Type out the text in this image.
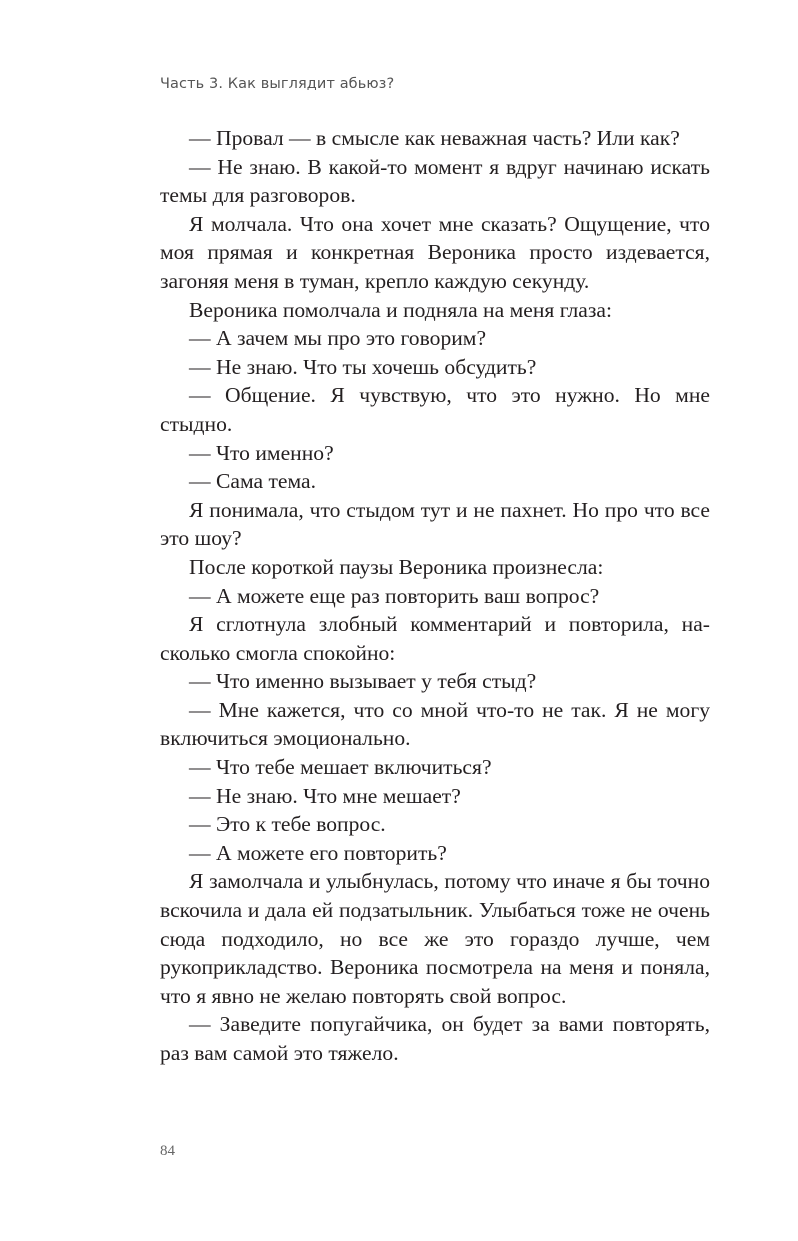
Часть 3. Как выглядит абьюз?

— Провал — в смысле как неважная часть? Или как?

— Не знаю. В какой-то момент я вдруг начинаю искать темы для разговоров.

Я молчала. Что она хочет мне сказать? Ощущение, что моя прямая и конкретная Вероника просто издевается, загоняя меня в туман, крепло каждую секунду.

Вероника помолчала и подняла на меня глаза:

— А зачем мы про это говорим?

— Не знаю. Что ты хочешь обсудить?

— Общение. Я чувствую, что это нужно. Но мне стыдно.

— Что именно?

— Сама тема.

Я понимала, что стыдом тут и не пахнет. Но про что все это шоу?

После короткой паузы Вероника произнесла:

— А можете еще раз повторить ваш вопрос?

Я сглотнула злобный комментарий и повторила, насколько смогла спокойно:

— Что именно вызывает у тебя стыд?

— Мне кажется, что со мной что-то не так. Я не могу включиться эмоционально.

— Что тебе мешает включиться?

— Не знаю. Что мне мешает?

— Это к тебе вопрос.

— А можете его повторить?

Я замолчала и улыбнулась, потому что иначе я бы точно вскочила и дала ей подзатыльник. Улыбаться тоже не очень сюда подходило, но все же это гораздо лучше, чем рукоприкладство. Вероника посмотрела на меня и поняла, что я явно не желаю повторять свой вопрос.

— Заведите попугайчика, он будет за вами повторять, раз вам самой это тяжело.

84
